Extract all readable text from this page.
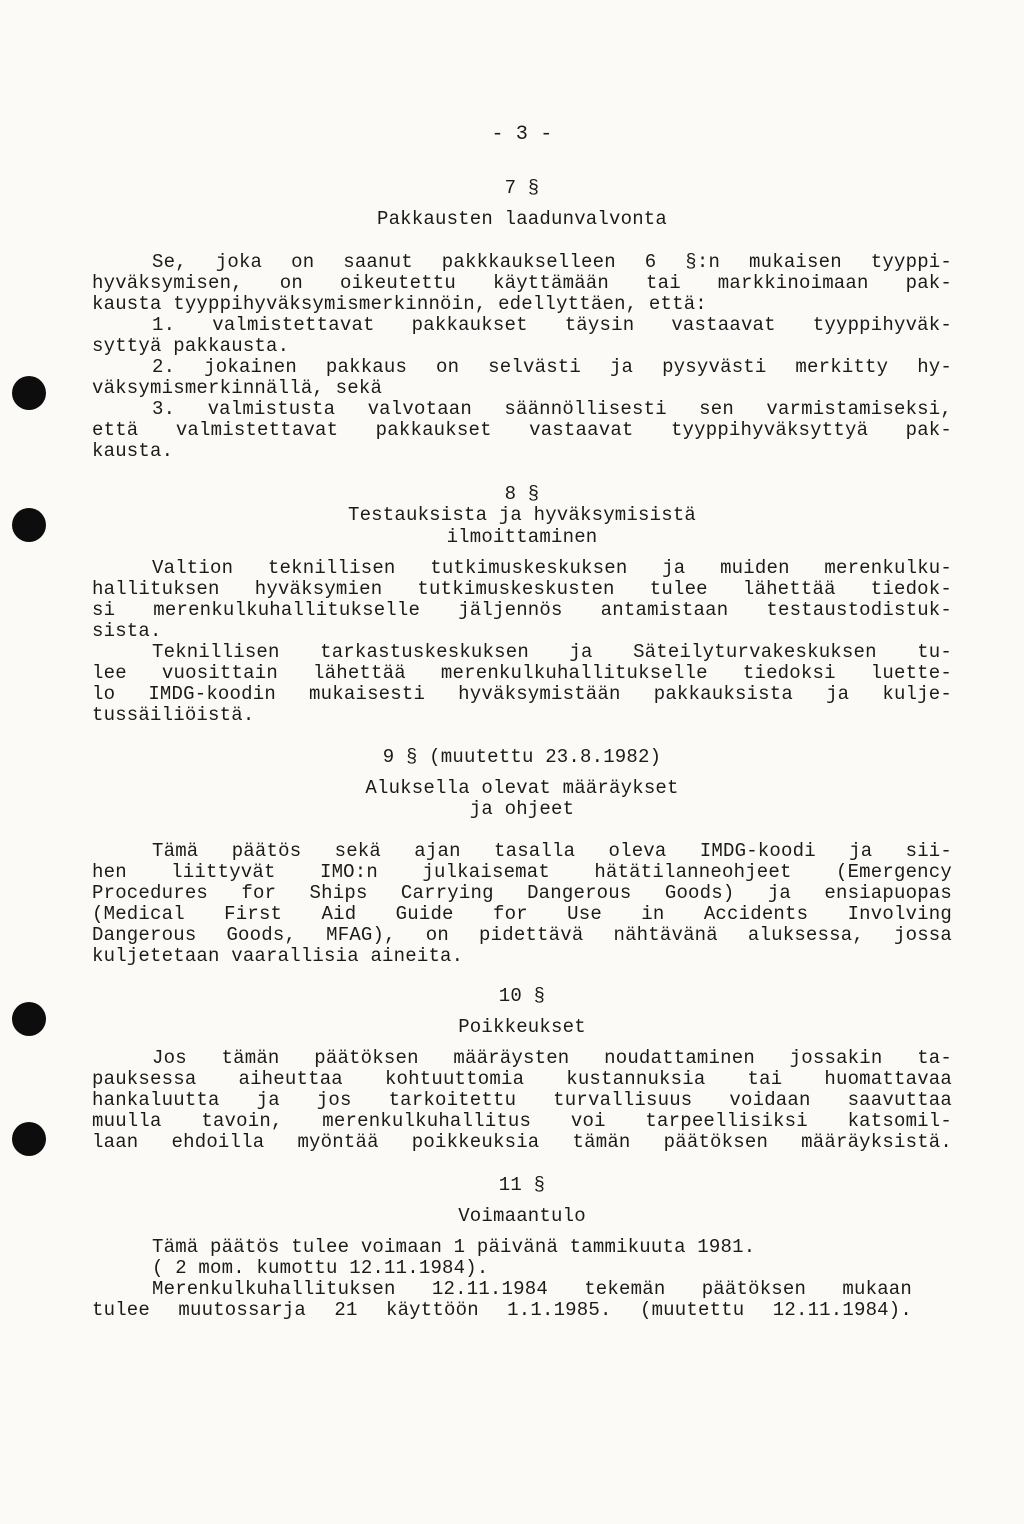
- 3 -
7 §
Pakkausten laadunvalvonta
Se, joka on saanut pakkkaukselleen 6 §:n mukaisen tyyppi-
hyväksymisen, on oikeutettu käyttämään tai markkinoimaan pak-
kausta tyyppihyväksymismerkinnöin, edellyttäen, että:
1. valmistettavat pakkaukset täysin vastaavat tyyppihyväk-
syttyä pakkausta.
2. jokainen pakkaus on selvästi ja pysyvästi merkitty hy-
väksymismerkinnällä, sekä
3. valmistusta valvotaan säännöllisesti sen varmistamiseksi,
että valmistettavat pakkaukset vastaavat tyyppihyväksyttyä pak-
kausta.
8 §
Testauksista ja hyväksymisistä
ilmoittaminen
Valtion teknillisen tutkimuskeskuksen ja muiden merenkulku-
hallituksen hyväksymien tutkimuskeskusten tulee lähettää tiedok-
si merenkulkuhallitukselle jäljennös antamistaan testaustodistuk-
sista.
Teknillisen tarkastuskeskuksen ja Säteilyturvakeskuksen tu-
lee vuosittain lähettää merenkulkuhallitukselle tiedoksi luette-
lo IMDG-koodin mukaisesti hyväksymistään pakkauksista ja kulje-
tussäiliöistä.
9 § (muutettu 23.8.1982)
Aluksella olevat määräykset
ja ohjeet
Tämä päätös sekä ajan tasalla oleva IMDG-koodi ja sii-
hen liittyvät IMO:n julkaisemat hätätilanneohjeet (Emergency
Procedures for Ships Carrying Dangerous Goods) ja ensiapuopas
(Medical First Aid Guide for Use in Accidents Involving
Dangerous Goods, MFAG), on pidettävä nähtävänä aluksessa, jossa
kuljetetaan vaarallisia aineita.
10 §
Poikkeukset
Jos tämän päätöksen määräysten noudattaminen jossakin ta-
pauksessa aiheuttaa kohtuuttomia kustannuksia tai huomattavaa
hankaluutta ja jos tarkoitettu turvallisuus voidaan saavuttaa
muulla tavoin, merenkulkuhallitus voi tarpeellisiksi katsomil-
laan ehdoilla myöntää poikkeuksia tämän päätöksen määräyksistä.
11 §
Voimaantulo
Tämä päätös tulee voimaan 1 päivänä tammikuuta 1981.
( 2 mom. kumottu 12.11.1984).
Merenkulkuhallituksen 12.11.1984 tekemän päätöksen mukaan
tulee muutossarja 21 käyttöön 1.1.1985. (muutettu 12.11.1984).
